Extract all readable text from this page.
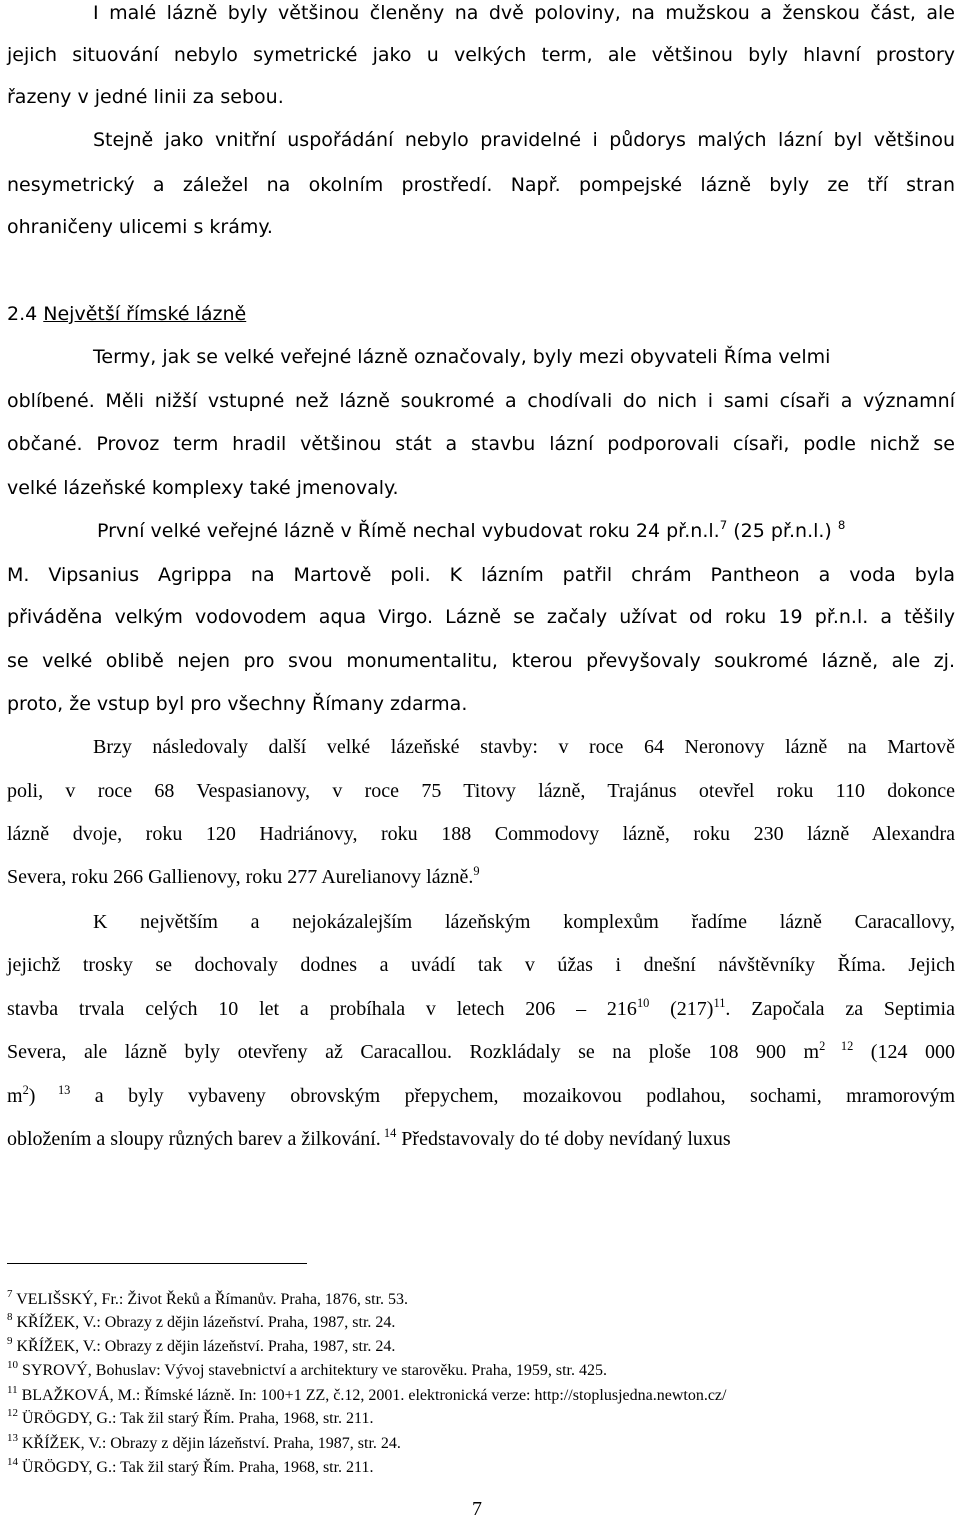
I malé lázně byly většinou členěny na dvě poloviny, na mužskou a ženskou část, ale

jejich situování nebylo symetrické jako u velkých term, ale většinou byly hlavní prostory

řazeny v jedné linii za sebou.

Stejně jako vnitřní uspořádání nebylo pravidelné i půdorys malých lázní byl většinou

nesymetrický a záležel na okolním prostředí. Např. pompejské lázně byly ze tří stran

ohraničeny ulicemi s krámy.

2.4 Největší římské lázně

Termy, jak se velké veřejné lázně označovaly, byly mezi obyvateli Říma velmi

oblíbené. Měli nižší vstupné než lázně soukromé a chodívali do nich i sami císaři a významní

občané. Provoz term hradil většinou stát a stavbu lázní podporovali císaři, podle nichž se

velké lázeňské komplexy také jmenovaly.

První velké veřejné lázně v Římě nechal vybudovat roku 24 př.n.l.$^7$ (25 př.n.l.) $^8$

M. Vipsanius Agrippa na Martově poli. K lázním patřil chrám Pantheon a voda byla

přiváděna velkým vodovodem aqua Virgo. Lázně se začaly užívat od roku 19 př.n.l. a těšily

se velké oblibě nejen pro svou monumentalitu, kterou převyšovaly soukromé lázně, ale zj.

proto, že vstup byl pro všechny Římany zdarma.

Brzy následovaly další velké lázeňské stavby: v roce 64 Neronovy lázně na Martově

poli, v roce 68 Vespasianovy, v roce 75 Titovy lázně, Trajánus otevřel roku 110 dokonce

lázně dvoje, roku 120 Hadriánovy, roku 188 Commodovy lázně, roku 230 lázně Alexandra

Severa, roku 266 Gallienovy, roku 277 Aurelianovy lázně.$^9$

K největším a nejokázalejším lázeňským komplexům řadíme lázně Caracallovy,

jejichž trosky se dochovaly dodnes a uvádí tak v úžas i dnešní návštěvníky Říma. Jejich

stavba trvala celých 10 let a probíhala v letech $206 - 216^{10}$ $(217)^{11}$. Započala za Septimia

Severa, ale lázně byly otevřeny až Caracallou. Rozkládaly se na ploše 108 900 $m^{2 12}$ (124 000

$m^2$) $^{13}$ a byly vybaveny obrovským přepychem, mozaikovou podlahou, sochami, mramorovým

obložením a sloupy různých barev a žilkování. $^{14}$ Představovaly do té doby nevídaný luxus

$^7$ VELIŠSKÝ, Fr.: Život Řeků a Římanův. Praha, 1876, str. 53.

$^8$ KŘÍŽEK, V.: Obrazy z dějin lázeňství. Praha, 1987, str. 24.

$^9$ KŘÍŽEK, V.: Obrazy z dějin lázeňství. Praha, 1987, str. 24.

$^{10}$ SYROVÝ, Bohuslav: Vývoj stavebnictví a architektury ve starověku. Praha, 1959, str. 425.

$^{11}$ BLAŽKOVÁ, M.: Římské lázně. In: 100+1 ZZ, č.12, 2001. elektronická verze: http://stoplusjedna.newton.cz/

$^{12}$ ÜRÖGDY, G.: Tak žil starý Řím. Praha, 1968, str. 211.

$^{13}$ KŘÍŽEK, V.: Obrazy z dějin lázeňství. Praha, 1987, str. 24.

$^{14}$ ÜRÖGDY, G.: Tak žil starý Řím. Praha, 1968, str. 211.

7
